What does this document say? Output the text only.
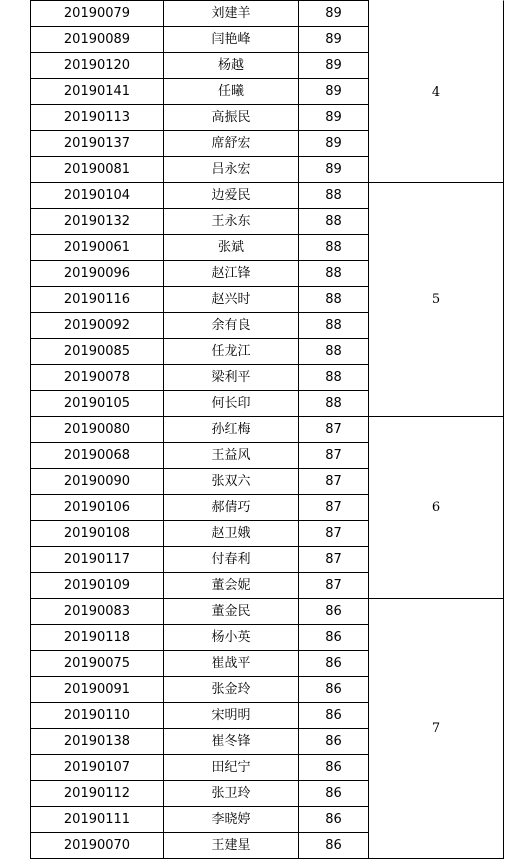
20190079	刘建羊	89
20190089	闫艳峰	89
20190120	杨越	89
20190141	任曦	89
20190113	高振民	89
20190137	席舒宏	89
20190081	吕永宏	89
4
20190104	边爱民	88
20190132	王永东	88
20190061	张斌	88
20190096	赵江锋	88
20190116	赵兴时	88
20190092	余有良	88
20190085	任龙江	88
20190078	梁利平	88
20190105	何长印	88
5
20190080	孙红梅	87
20190068	王益风	87
20190090	张双六	87
20190106	郝倩巧	87
20190108	赵卫娥	87
20190117	付春利	87
20190109	董会妮	87
6
20190083	董金民	86
20190118	杨小英	86
20190075	崔战平	86
20190091	张金玲	86
20190110	宋明明	86
20190138	崔冬锋	86
20190107	田纪宁	86
20190112	张卫玲	86
20190111	李晓婷	86
20190070	王建星	86
7
